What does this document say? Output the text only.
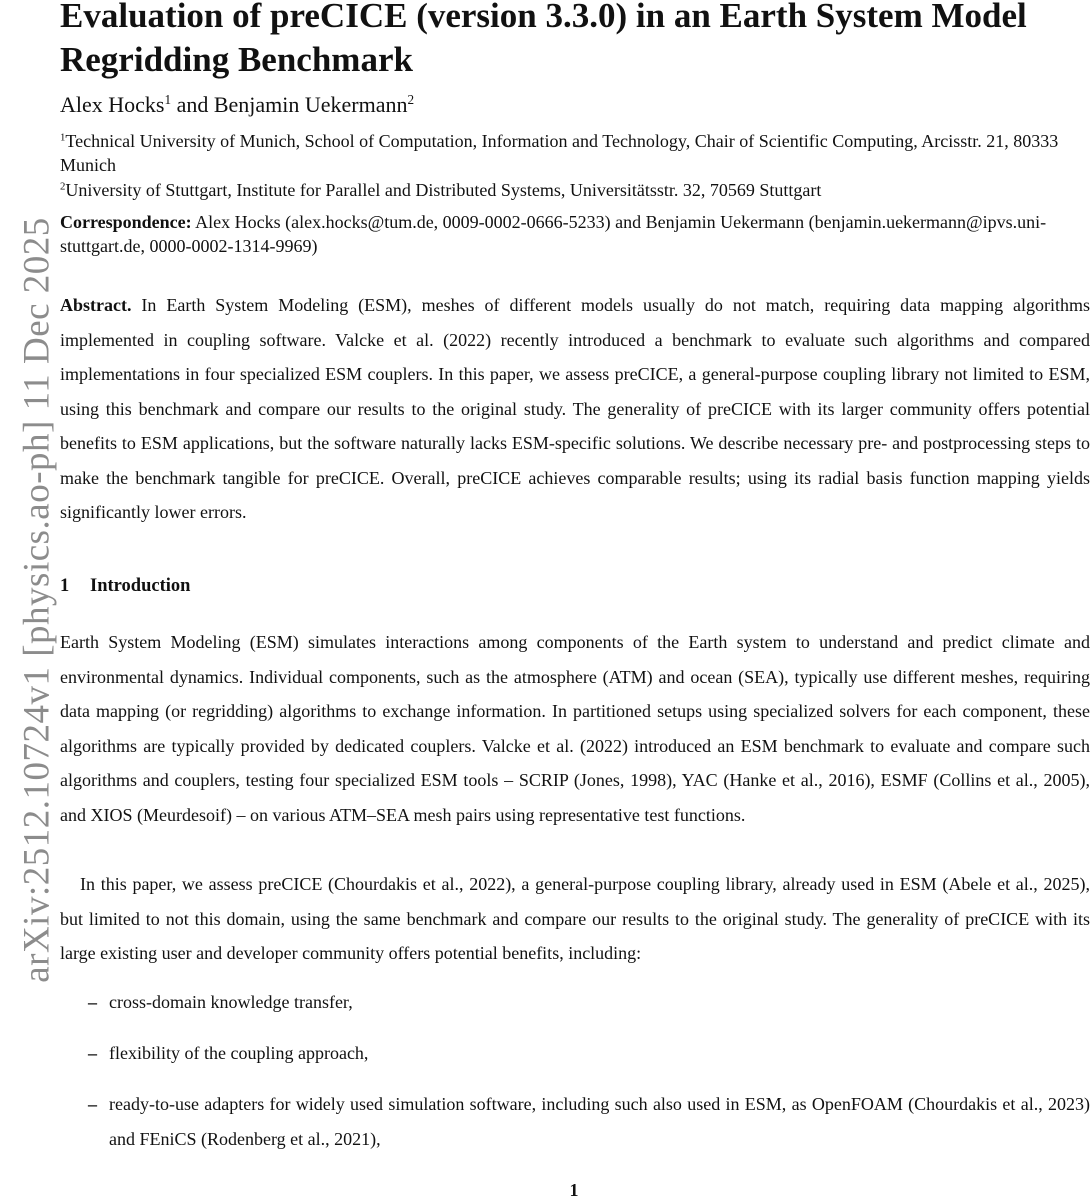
arXiv:2512.10724v1 [physics.ao-ph] 11 Dec 2025
Evaluation of preCICE (version 3.3.0) in an Earth System Model Regridding Benchmark
Alex Hocks$^1$ and Benjamin Uekermann$^2$
$^1$Technical University of Munich, School of Computation, Information and Technology, Chair of Scientific Computing, Arcisstr. 21, 80333 Munich
$^2$University of Stuttgart, Institute for Parallel and Distributed Systems, Universitätsstr. 32, 70569 Stuttgart
Correspondence: Alex Hocks (alex.hocks@tum.de, 0009-0002-0666-5233) and Benjamin Uekermann (benjamin.uekermann@ipvs.uni-stuttgart.de, 0000-0002-1314-9969)

Abstract. In Earth System Modeling (ESM), meshes of different models usually do not match, requiring data mapping algorithms implemented in coupling software. Valcke et al. (2022) recently introduced a benchmark to evaluate such algorithms and compared implementations in four specialized ESM couplers. In this paper, we assess preCICE, a general-purpose coupling library not limited to ESM, using this benchmark and compare our results to the original study. The generality of preCICE with its larger community offers potential benefits to ESM applications, but the software naturally lacks ESM-specific solutions. We describe necessary pre- and postprocessing steps to make the benchmark tangible for preCICE. Overall, preCICE achieves comparable results; using its radial basis function mapping yields significantly lower errors.

1 Introduction

Earth System Modeling (ESM) simulates interactions among components of the Earth system to understand and predict climate and environmental dynamics. Individual components, such as the atmosphere (ATM) and ocean (SEA), typically use different meshes, requiring data mapping (or regridding) algorithms to exchange information. In partitioned setups using specialized solvers for each component, these algorithms are typically provided by dedicated couplers. Valcke et al. (2022) introduced an ESM benchmark to evaluate and compare such algorithms and couplers, testing four specialized ESM tools – SCRIP (Jones, 1998), YAC (Hanke et al., 2016), ESMF (Collins et al., 2005), and XIOS (Meurdesoif) – on various ATM–SEA mesh pairs using representative test functions.

In this paper, we assess preCICE (Chourdakis et al., 2022), a general-purpose coupling library, already used in ESM (Abele et al., 2025), but limited to not this domain, using the same benchmark and compare our results to the original study. The generality of preCICE with its large existing user and developer community offers potential benefits, including:

– cross-domain knowledge transfer,
– flexibility of the coupling approach,
– ready-to-use adapters for widely used simulation software, including such also used in ESM, as OpenFOAM (Chourdakis et al., 2023) and FEniCS (Rodenberg et al., 2021),
1
